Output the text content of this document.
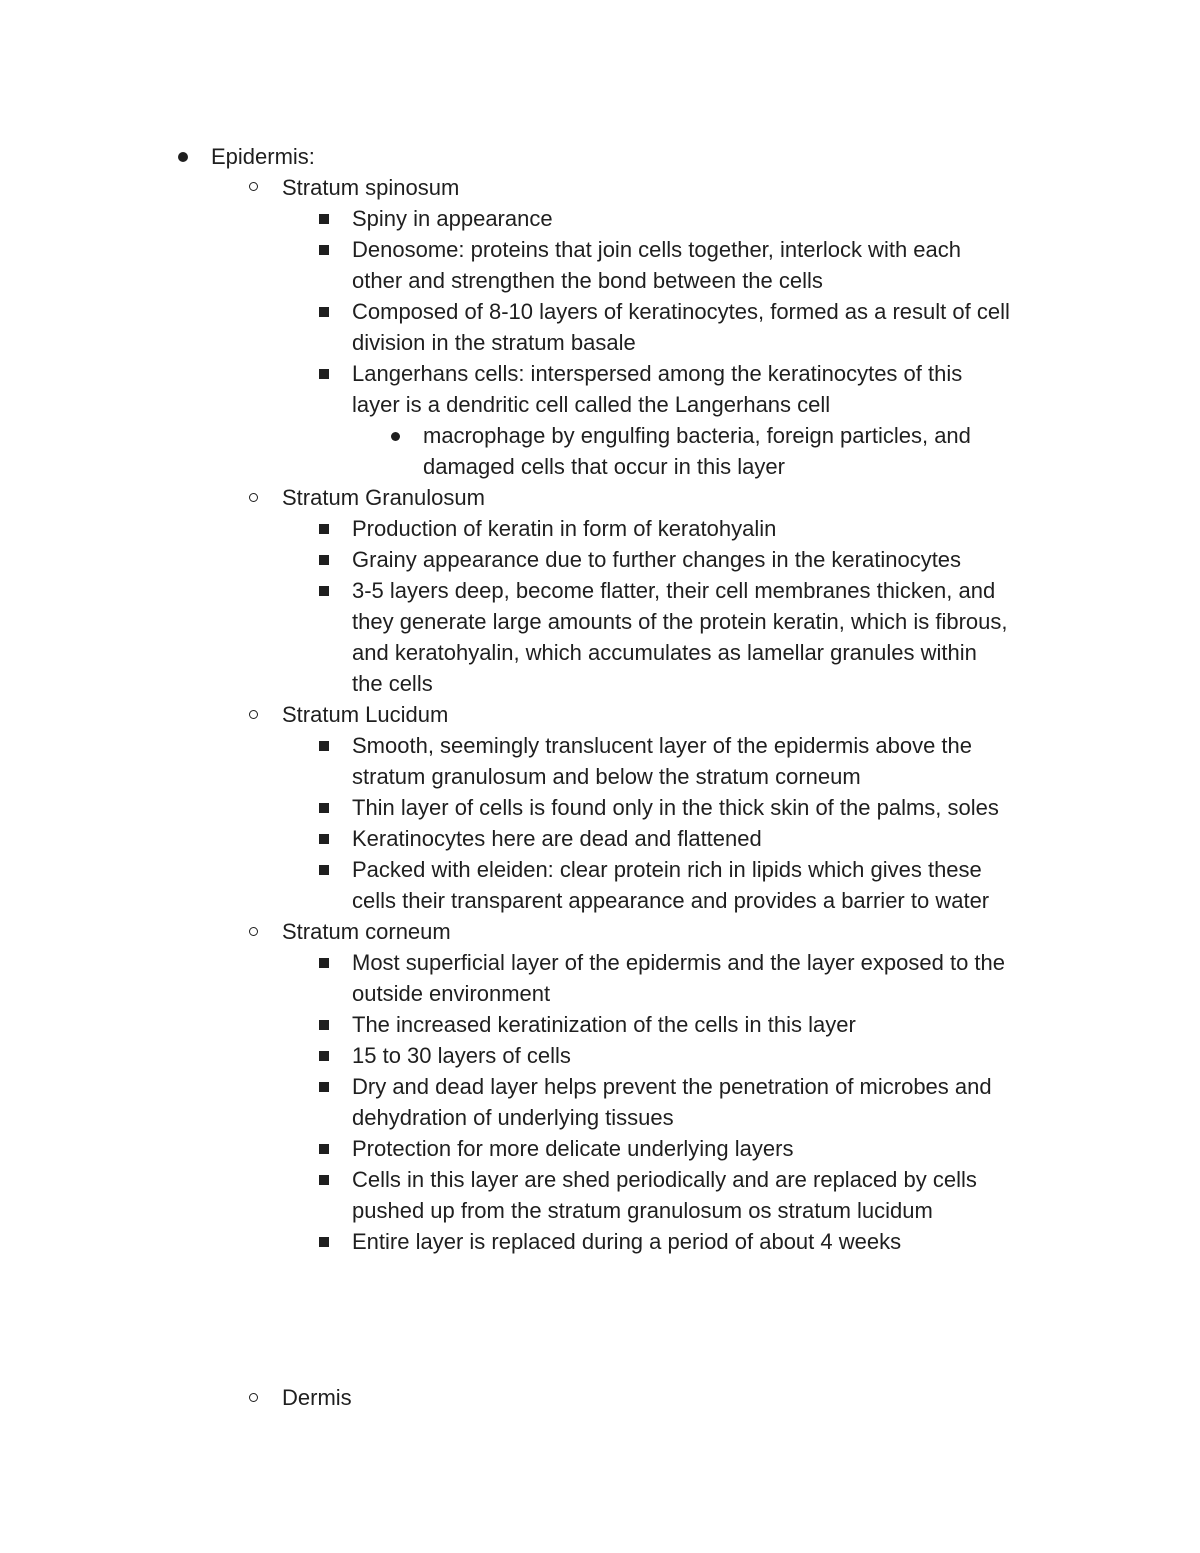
Epidermis:
Stratum spinosum
Spiny in appearance
Denosome: proteins that join cells together, interlock with each
other and strengthen the bond between the cells
Composed of 8-10 layers of keratinocytes, formed as a result of cell
division in the stratum basale
Langerhans cells: interspersed among the keratinocytes of this
layer is a dendritic cell called the Langerhans cell
macrophage by engulfing bacteria, foreign particles, and
damaged cells that occur in this layer
Stratum Granulosum
Production of keratin in form of keratohyalin
Grainy appearance due to further changes in the keratinocytes
3-5 layers deep, become flatter, their cell membranes thicken, and
they generate large amounts of the protein keratin, which is fibrous,
and keratohyalin, which accumulates as lamellar granules within
the cells
Stratum Lucidum
Smooth, seemingly translucent layer of the epidermis above the
stratum granulosum and below the stratum corneum
Thin layer of cells is found only in the thick skin of the palms, soles
Keratinocytes here are dead and flattened
Packed with eleiden: clear protein rich in lipids which gives these
cells their transparent appearance and provides a barrier to water
Stratum corneum
Most superficial layer of the epidermis and the layer exposed to the
outside environment
The increased keratinization of the cells in this layer
15 to 30 layers of cells
Dry and dead layer helps prevent the penetration of microbes and
dehydration of underlying tissues
Protection for more delicate underlying layers
Cells in this layer are shed periodically and are replaced by cells
pushed up from the stratum granulosum os stratum lucidum
Entire layer is replaced during a period of about 4 weeks
Dermis
